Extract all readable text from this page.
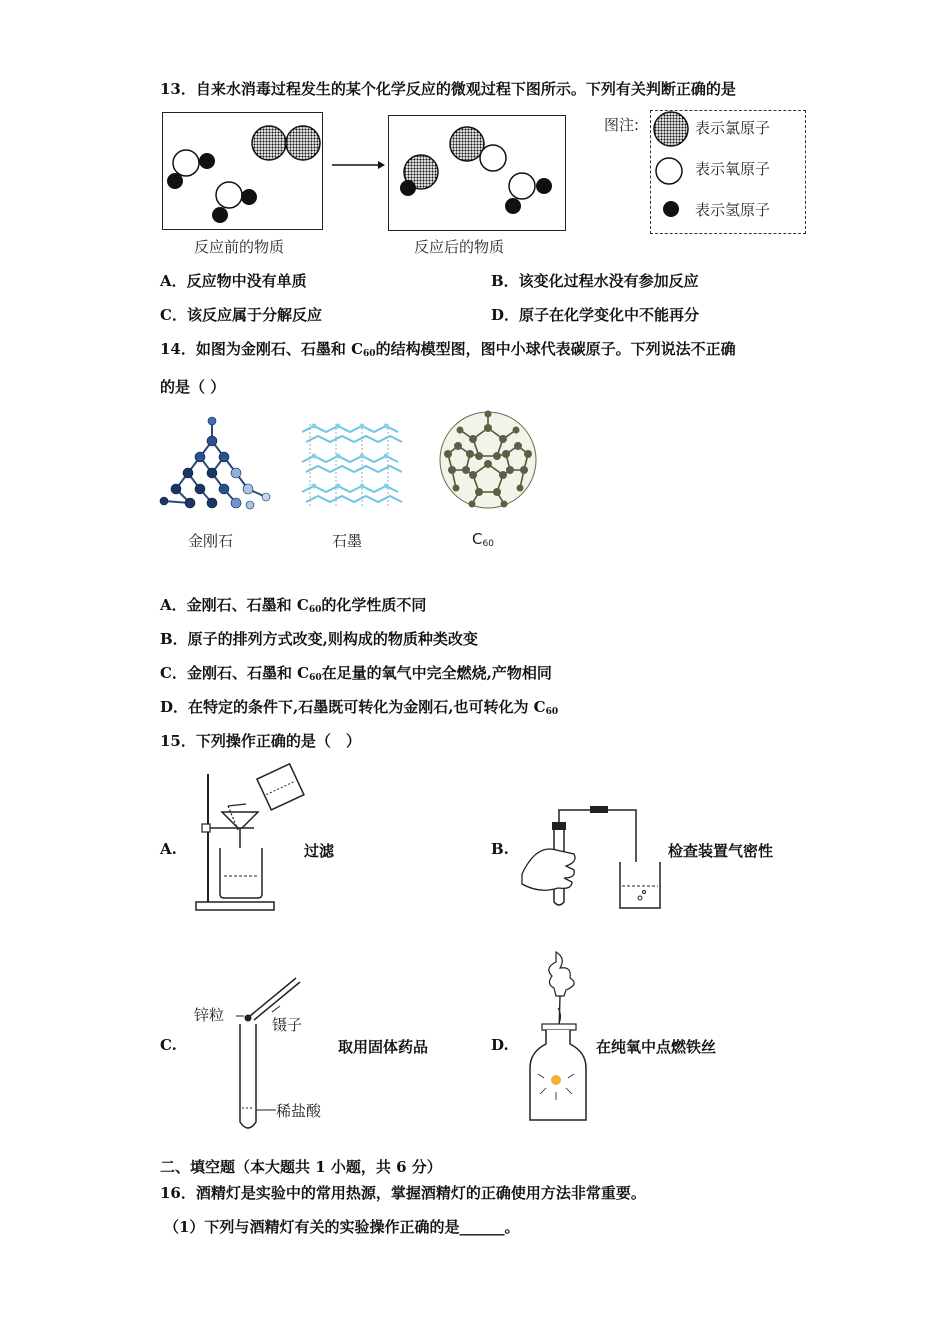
13．自来水消毒过程发生的某个化学反应的微观过程下图所示。下列有关判断正确的是
反应前的物质	反应后的物质
图注:	表示氯原子
表示氧原子
表示氢原子
A．反应物中没有单质	B．该变化过程水没有参加反应
C．该反应属于分解反应	D．原子在化学变化中不能再分
14．如图为金刚石、石墨和 $C_{60}$的结构模型图，图中小球代表碳原子。下列说法不正确
的是（ ）
金刚石	石墨	$C_{60}$
A．金刚石、石墨和 $C_{60}$的化学性质不同
B．原子的排列方式改变,则构成的物质种类改变
C．金刚石、石墨和 $C_{60}$在足量的氧气中完全燃烧,产物相同
D．在特定的条件下,石墨既可转化为金刚石,也可转化为 $C_{60}$
15．下列操作正确的是（　）
A.	过滤	B.	检查装置气密性
C.
锌粒
镊子
稀盐酸
取用固体药品	D.	在纯氧中点燃铁丝
二、填空题（本大题共 1 小题，共 6 分）
16．酒精灯是实验中的常用热源，掌握酒精灯的正确使用方法非常重要。
（1）下列与酒精灯有关的实验操作正确的是______。
